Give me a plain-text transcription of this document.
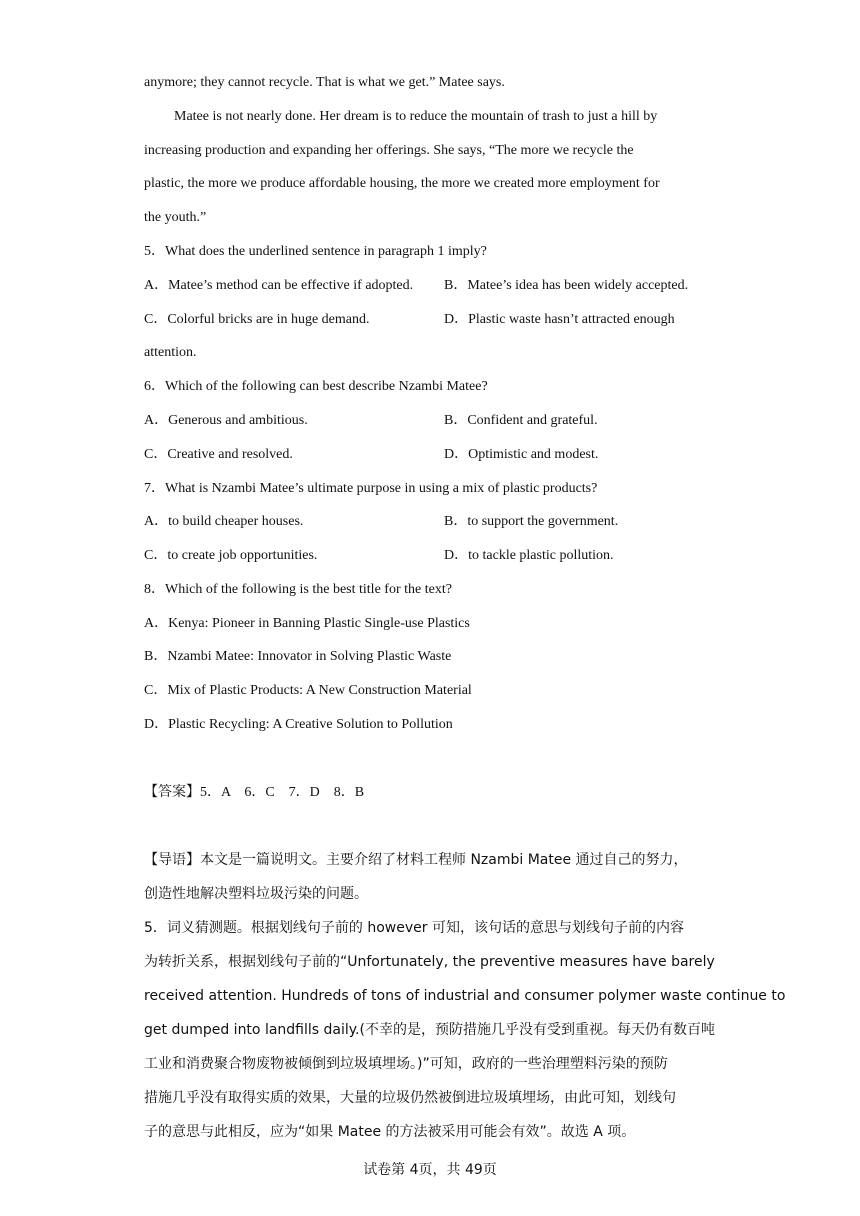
anymore; they cannot recycle. That is what we get.” Matee says.
Matee is not nearly done. Her dream is to reduce the mountain of trash to just a hill by
increasing production and expanding her offerings. She says, “The more we recycle the
plastic, the more we produce affordable housing, the more we created more employment for
the youth.”
5．What does the underlined sentence in paragraph 1 imply?
A．Matee’s method can be effective if adopted. B．Matee’s idea has been widely accepted.
C．Colorful bricks are in huge demand.	D．Plastic waste hasn’t attracted enough
attention.
6．Which of the following can best describe Nzambi Matee?
A．Generous and ambitious.	B．Confident and grateful.
C．Creative and resolved.	D．Optimistic and modest.
7．What is Nzambi Matee’s ultimate purpose in using a mix of plastic products?
A．to build cheaper houses.	B．to support the government.
C．to create job opportunities.	D．to tackle plastic pollution.
8．Which of the following is the best title for the text?
A．Kenya: Pioneer in Banning Plastic Single-use Plastics
B．Nzambi Matee: Innovator in Solving Plastic Waste
C．Mix of Plastic Products: A New Construction Material
D．Plastic Recycling: A Creative Solution to Pollution
【答案】5．A　6．C　7．D　8．B
【导语】本文是一篇说明文。主要介绍了材料工程师 Nzambi Matee 通过自己的努力，
创造性地解决塑料垃圾污染的问题。
5．词义猜测题。根据划线句子前的 however 可知，该句话的意思与划线句子前的内容
为转折关系，根据划线句子前的“Unfortunately, the preventive measures have barely
received attention. Hundreds of tons of industrial and consumer polymer waste continue to
get dumped into landfills daily.(不幸的是，预防措施几乎没有受到重视。每天仍有数百吨
工业和消费聚合物废物被倾倒到垃圾填埋场。)”可知，政府的一些治理塑料污染的预防
措施几乎没有取得实质的效果，大量的垃圾仍然被倒进垃圾填埋场，由此可知，划线句
子的意思与此相反，应为“如果 Matee 的方法被采用可能会有效”。故选 A 项。
试卷第 4页，共 49页
